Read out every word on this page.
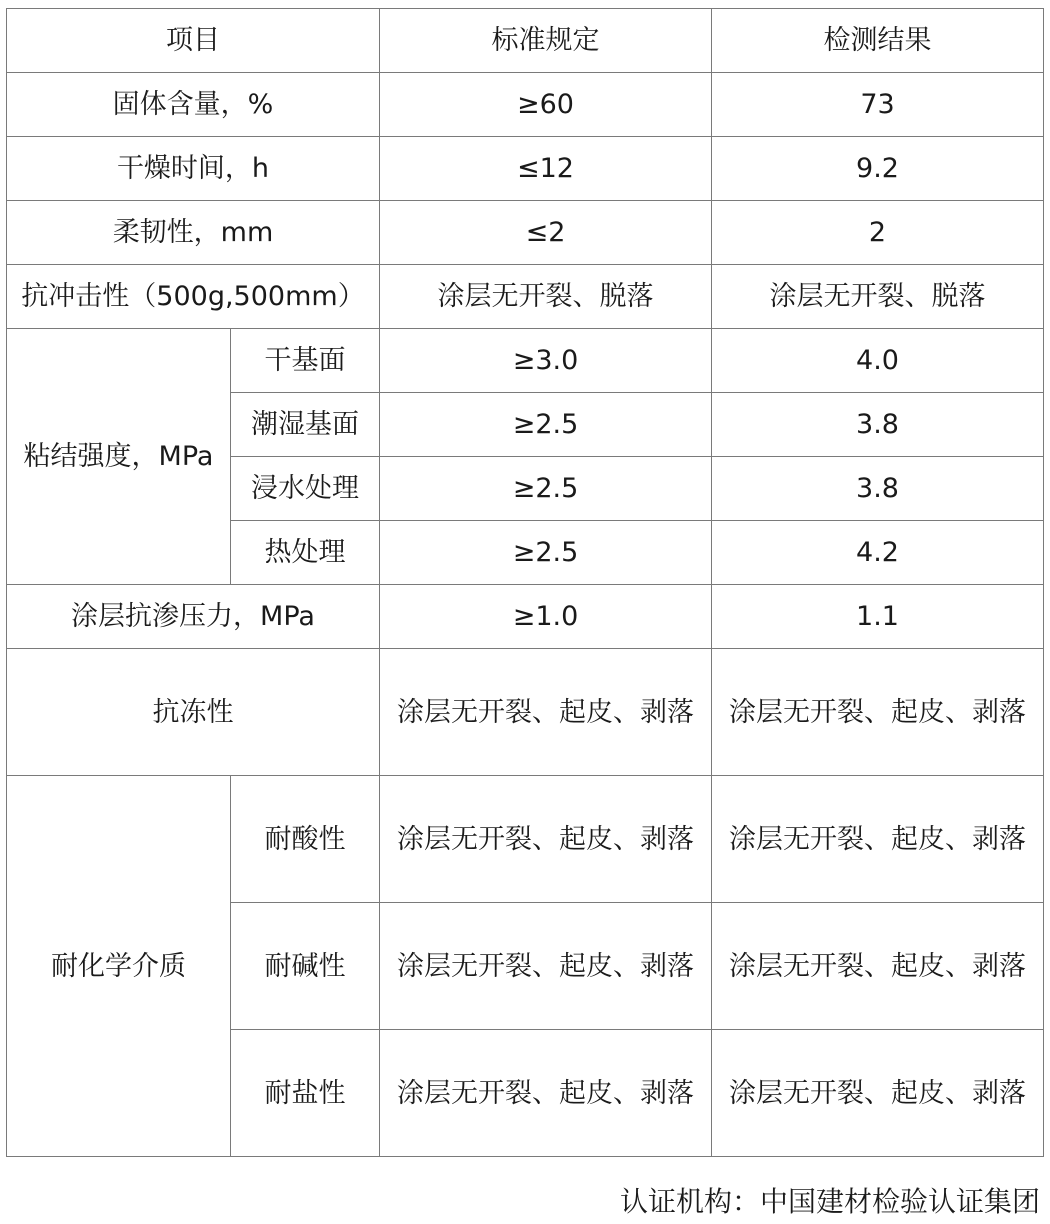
项目		标准规定	检测结果
固体含量，%		≥60	73
干燥时间，h		≤12	9.2
柔韧性，mm		≤2	2
抗冲击性（500g,500mm）		涂层无开裂、脱落	涂层无开裂、脱落
粘结强度，MPa	干基面	≥3.0	4.0
	潮湿基面	≥2.5	3.8
	浸水处理	≥2.5	3.8
	热处理	≥2.5	4.2
涂层抗渗压力，MPa		≥1.0	1.1
抗冻性		涂层无开裂、起皮、剥落	涂层无开裂、起皮、剥落
耐化学介质	耐酸性	涂层无开裂、起皮、剥落	涂层无开裂、起皮、剥落
	耐碱性	涂层无开裂、起皮、剥落	涂层无开裂、起皮、剥落
	耐盐性	涂层无开裂、起皮、剥落	涂层无开裂、起皮、剥落
认证机构：中国建材检验认证集团
